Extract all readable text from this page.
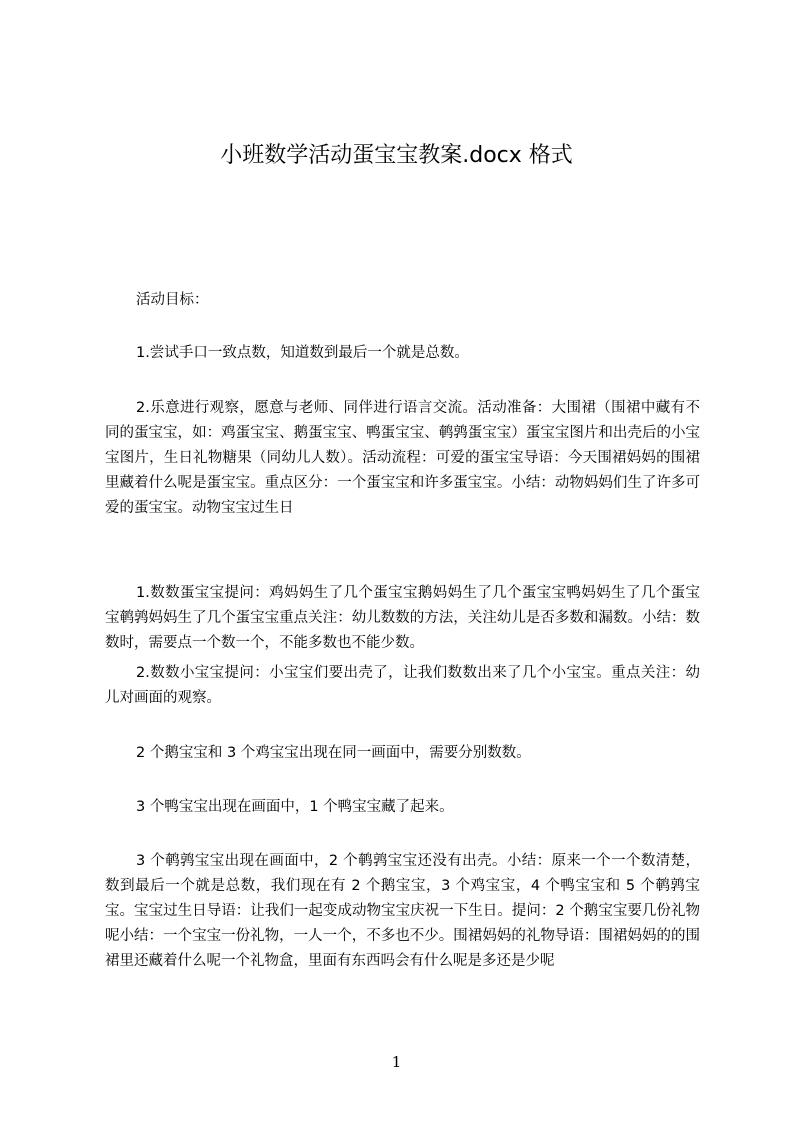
小班数学活动蛋宝宝教案.docx 格式
活动目标：
1.尝试手口一致点数，知道数到最后一个就是总数。
2.乐意进行观察，愿意与老师、同伴进行语言交流。活动准备：大围裙（围裙中藏有不同的蛋宝宝，如：鸡蛋宝宝、鹅蛋宝宝、鸭蛋宝宝、鹌鹑蛋宝宝）蛋宝宝图片和出壳后的小宝宝图片，生日礼物糖果（同幼儿人数）。活动流程：可爱的蛋宝宝导语：今天围裙妈妈的围裙里藏着什么呢是蛋宝宝。重点区分：一个蛋宝宝和许多蛋宝宝。小结：动物妈妈们生了许多可爱的蛋宝宝。动物宝宝过生日
1.数数蛋宝宝提问：鸡妈妈生了几个蛋宝宝鹅妈妈生了几个蛋宝宝鸭妈妈生了几个蛋宝宝鹌鹑妈妈生了几个蛋宝宝重点关注：幼儿数数的方法，关注幼儿是否多数和漏数。小结：数数时，需要点一个数一个，不能多数也不能少数。
2.数数小宝宝提问：小宝宝们要出壳了，让我们数数出来了几个小宝宝。重点关注：幼儿对画面的观察。
2 个鹅宝宝和 3 个鸡宝宝出现在同一画面中，需要分别数数。
3 个鸭宝宝出现在画面中，1 个鸭宝宝藏了起来。
3 个鹌鹑宝宝出现在画面中，2 个鹌鹑宝宝还没有出壳。小结：原来一个一个数清楚，数到最后一个就是总数，我们现在有 2 个鹅宝宝，3 个鸡宝宝，4 个鸭宝宝和 5 个鹌鹑宝宝。宝宝过生日导语：让我们一起变成动物宝宝庆祝一下生日。提问：2 个鹅宝宝要几份礼物呢小结：一个宝宝一份礼物，一人一个，不多也不少。围裙妈妈的礼物导语：围裙妈妈的的围裙里还藏着什么呢一个礼物盒，里面有东西吗会有什么呢是多还是少呢
1
